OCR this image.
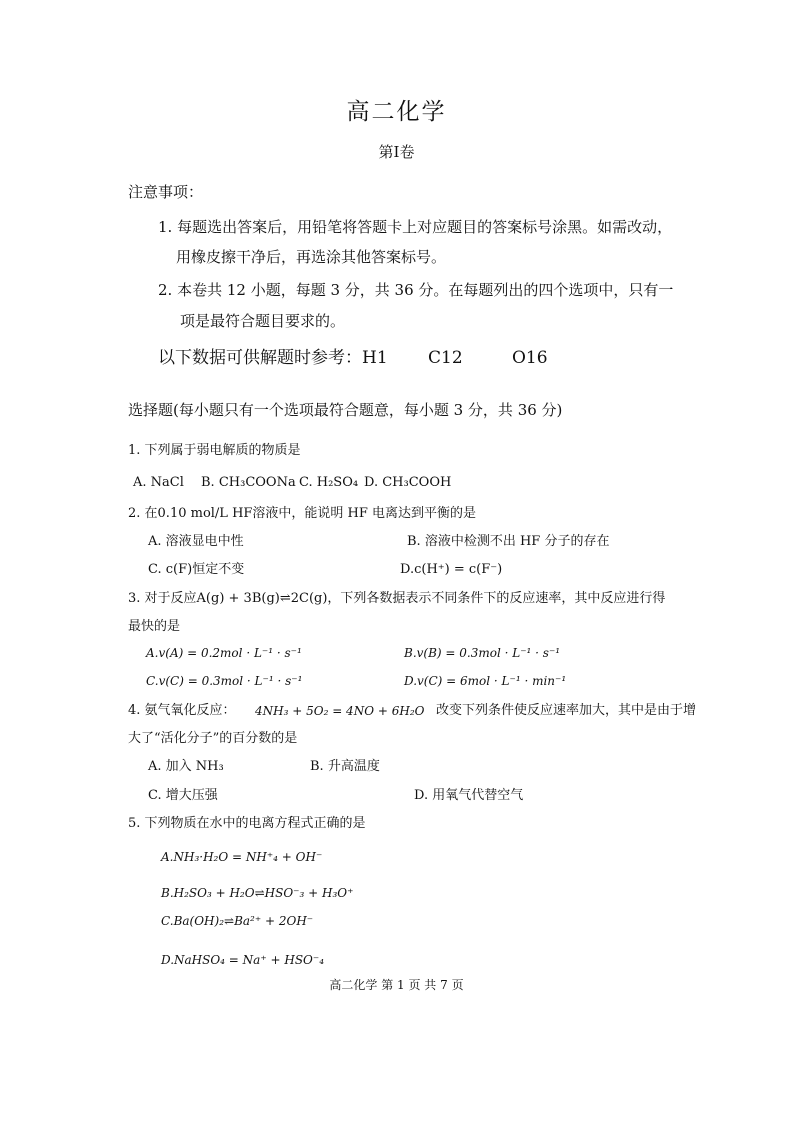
高二化学
第Ⅰ卷
注意事项：
1. 每题选出答案后，用铅笔将答题卡上对应题目的答案标号涂黑。如需改动，
用橡皮擦干净后，再选涂其他答案标号。
2. 本卷共 12 小题，每题 3 分，共 36 分。在每题列出的四个选项中，只有一
项是最符合题目要求的。
以下数据可供解题时参考：H1 C12	O16
选择题(每小题只有一个选项最符合题意，每小题 3 分，共 36 分)
1. 下列属于弱电解质的物质是
A. NaCl B. CH₃COONa C. H₂SO₄ D. CH₃COOH
2. 在0.10 mol/L HF溶液中，能说明 HF 电离达到平衡的是
A. 溶液显电中性	B. 溶液中检测不出 HF 分子的存在
C. c(F)恒定不变	D.c(H⁺) = c(F⁻)
3. 对于反应A(g) + 3B(g)⇌2C(g)，下列各数据表示不同条件下的反应速率，其中反应进行得
最快的是
A.v(A) = 0.2mol · L⁻¹ · s⁻¹	B.v(B) = 0.3mol · L⁻¹ · s⁻¹
C.v(C) = 0.3mol · L⁻¹ · s⁻¹	D.v(C) = 6mol · L⁻¹ · min⁻¹
4. 氨气氧化反应： 4NH₃ + 5O₂ = 4NO + 6H₂O 改变下列条件使反应速率加大，其中是由于增
大了“活化分子”的百分数的是
A. 加入 NH₃	B. 升高温度
C. 增大压强	D. 用氧气代替空气
5. 下列物质在水中的电离方程式正确的是
A.NH₃·H₂O = NH⁺₄ + OH⁻
B.H₂SO₃ + H₂O⇌HSO⁻₃ + H₃O⁺
C.Ba(OH)₂⇌Ba²⁺ + 2OH⁻
D.NaHSO₄ = Na⁺ + HSO⁻₄
高二化学 第 1 页 共 7 页
